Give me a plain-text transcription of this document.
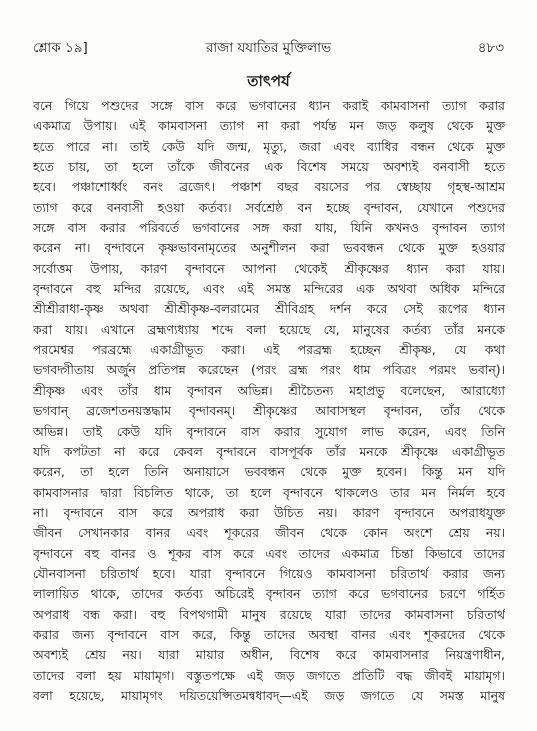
শ্লোক ১৯]	রাজা যযাতির মুক্তিলাভ	৪৮৩
তাৎপর্য
বনে গিয়ে পশুদের সঙ্গে বাস করে ভগবানের ধ্যান করাই কামবাসনা ত্যাগ করার
একমাত্র উপায়। এই কামবাসনা ত্যাগ না করা পর্যন্ত মন জড় কলুষ থেকে মুক্ত
হতে পারে না। তাই কেউ যদি জন্ম, মৃত্যু, জরা এবং ব্যাধির বন্ধন থেকে মুক্ত
হতে চায়, তা হলে তাঁকে জীবনের এক বিশেষ সময়ে অবশ্যই বনবাসী হতে
হবে। পঞ্চাশোর্ধ্বং বনং ব্রজেৎ। পঞ্চাশ বছর বয়সের পর স্বেচ্ছায় গৃহস্থ-আশ্রম
ত্যাগ করে বনবাসী হওয়া কর্তব্য। সর্বশ্রেষ্ঠ বন হচ্ছে বৃন্দাবন, যেখানে পশুদের
সঙ্গে বাস করার পরিবর্তে ভগবানের সঙ্গ করা যায়, যিনি কখনও বৃন্দাবন ত্যাগ
করেন না। বৃন্দাবনে কৃষ্ণভাবনামৃতের অনুশীলন করা ভববন্ধন থেকে মুক্ত হওয়ার
সর্বোত্তম উপায়, কারণ বৃন্দাবনে আপনা থেকেই শ্রীকৃষ্ণের ধ্যান করা যায়।
বৃন্দাবনে বহু মন্দির রয়েছে, এবং এই সমস্ত মন্দিরের এক অথবা অধিক মন্দিরে
শ্রীশ্রীরাধা-কৃষ্ণ অথবা শ্রীশ্রীকৃষ্ণ-বলরামের শ্রীবিগ্রহ দর্শন করে সেই রূপের ধ্যান
করা যায়। এখানে ব্রহ্মণ্যধ্যায় শব্দে বলা হয়েছে যে, মানুষের কর্তব্য তাঁর মনকে
পরমেশ্বর পরব্রহ্মে একাগ্রীভূত করা। এই পরব্রহ্ম হচ্ছেন শ্রীকৃষ্ণ, যে কথা
ভগবদ্গীতায় অর্জুন প্রতিপন্ন করেছেন (পরং ব্রহ্ম পরং ধাম পবিত্রং পরমং ভবান্)।
শ্রীকৃষ্ণ এবং তাঁর ধাম বৃন্দাবন অভিন্ন। শ্রীচৈতন্য মহাপ্রভু বলেছেন, আরাধ্যো
ভগবান্ ব্রজেশতনয়স্তদ্ধাম বৃন্দাবনম্। শ্রীকৃষ্ণের আবাসস্থল বৃন্দাবন, তাঁর থেকে
অভিন্ন। তাই কেউ যদি বৃন্দাবনে বাস করার সুযোগ লাভ করেন, এবং তিনি
যদি কপটতা না করে কেবল বৃন্দাবনে বাসপূর্বক তাঁর মনকে শ্রীকৃষ্ণে একাগ্রীভূত
করেন, তা হলে তিনি অনায়াসে ভববন্ধন থেকে মুক্ত হবেন। কিন্তু মন যদি
কামবাসনার দ্বারা বিচলিত থাকে, তা হলে বৃন্দাবনে থাকলেও তার মন নির্মল হবে
না। বৃন্দাবনে বাস করে অপরাধ করা উচিত নয়। কারণ বৃন্দাবনে অপরাধযুক্ত
জীবন সেখানকার বানর এবং শূকরের জীবন থেকে কোন অংশে শ্রেয় নয়।
বৃন্দাবনে বহু বানর ও শূকর বাস করে এবং তাদের একমাত্র চিন্তা কিভাবে তাদের
যৌনবাসনা চরিতার্থ হবে। যারা বৃন্দাবনে গিয়েও কামবাসনা চরিতার্থ করার জন্য
লালায়িত থাকে, তাদের কর্তব্য অচিরেই বৃন্দাবন ত্যাগ করে ভগবানের চরণে গর্হিত
অপরাধ বন্ধ করা। বহু বিপথগামী মানুষ রয়েছে যারা তাদের কামবাসনা চরিতার্থ
করার জন্য বৃন্দাবনে বাস করে, কিন্তু তাদের অবস্থা বানর এবং শূকরদের থেকে
অবশ্যই শ্রেয় নয়। যারা মায়ার অধীন, বিশেষ করে কামবাসনার নিয়ন্ত্রণাধীন,
তাদের বলা হয় মায়ামৃগ। বস্তুতপক্ষে এই জড় জগতে প্রতিটি বদ্ধ জীবই মায়ামৃগ।
বলা হয়েছে, মায়ামৃগং দয়িতয়েপ্সিতমন্বধাবদ্—এই জড় জগতে যে সমস্ত মানুষ
